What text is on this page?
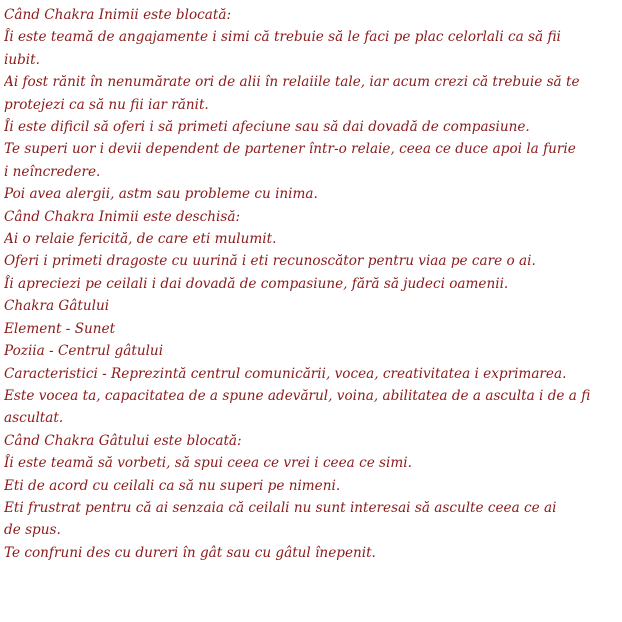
Când Chakra Inimii este blocată:
Îi este teamă de angajamente i simi că trebuie să le faci pe plac celorlali ca să fii
iubit.
Ai fost rănit în nenumărate ori de alii în relaiile tale, iar acum crezi că trebuie să te
protejezi ca să nu fii iar rănit.
Îi este dificil să oferi i să primeti afeciune sau să dai dovadă de compasiune.
Te superi uor i devii dependent de partener într-o relaie, ceea ce duce apoi la furie
i neîncredere.
Poi avea alergii, astm sau probleme cu inima.
Când Chakra Inimii este deschisă:
Ai o relaie fericită, de care eti mulumit.
Oferi i primeti dragoste cu uurină i eti recunoscător pentru viaa pe care o ai.
Îi apreciezi pe ceilali i dai dovadă de compasiune, fără să judeci oamenii.
Chakra Gâtului
Element - Sunet
Poziia - Centrul gâtului
Caracteristici - Reprezintă centrul comunicării, vocea, creativitatea i exprimarea.
Este vocea ta, capacitatea de a spune adevărul, voina, abilitatea de a asculta i de a fi
ascultat.
Când Chakra Gâtului este blocată:
Îi este teamă să vorbeti, să spui ceea ce vrei i ceea ce simi.
Eti de acord cu ceilali ca să nu superi pe nimeni.
Eti frustrat pentru că ai senzaia că ceilali nu sunt interesai să asculte ceea ce ai
de spus.
Te confruni des cu dureri în gât sau cu gâtul înepenit.
